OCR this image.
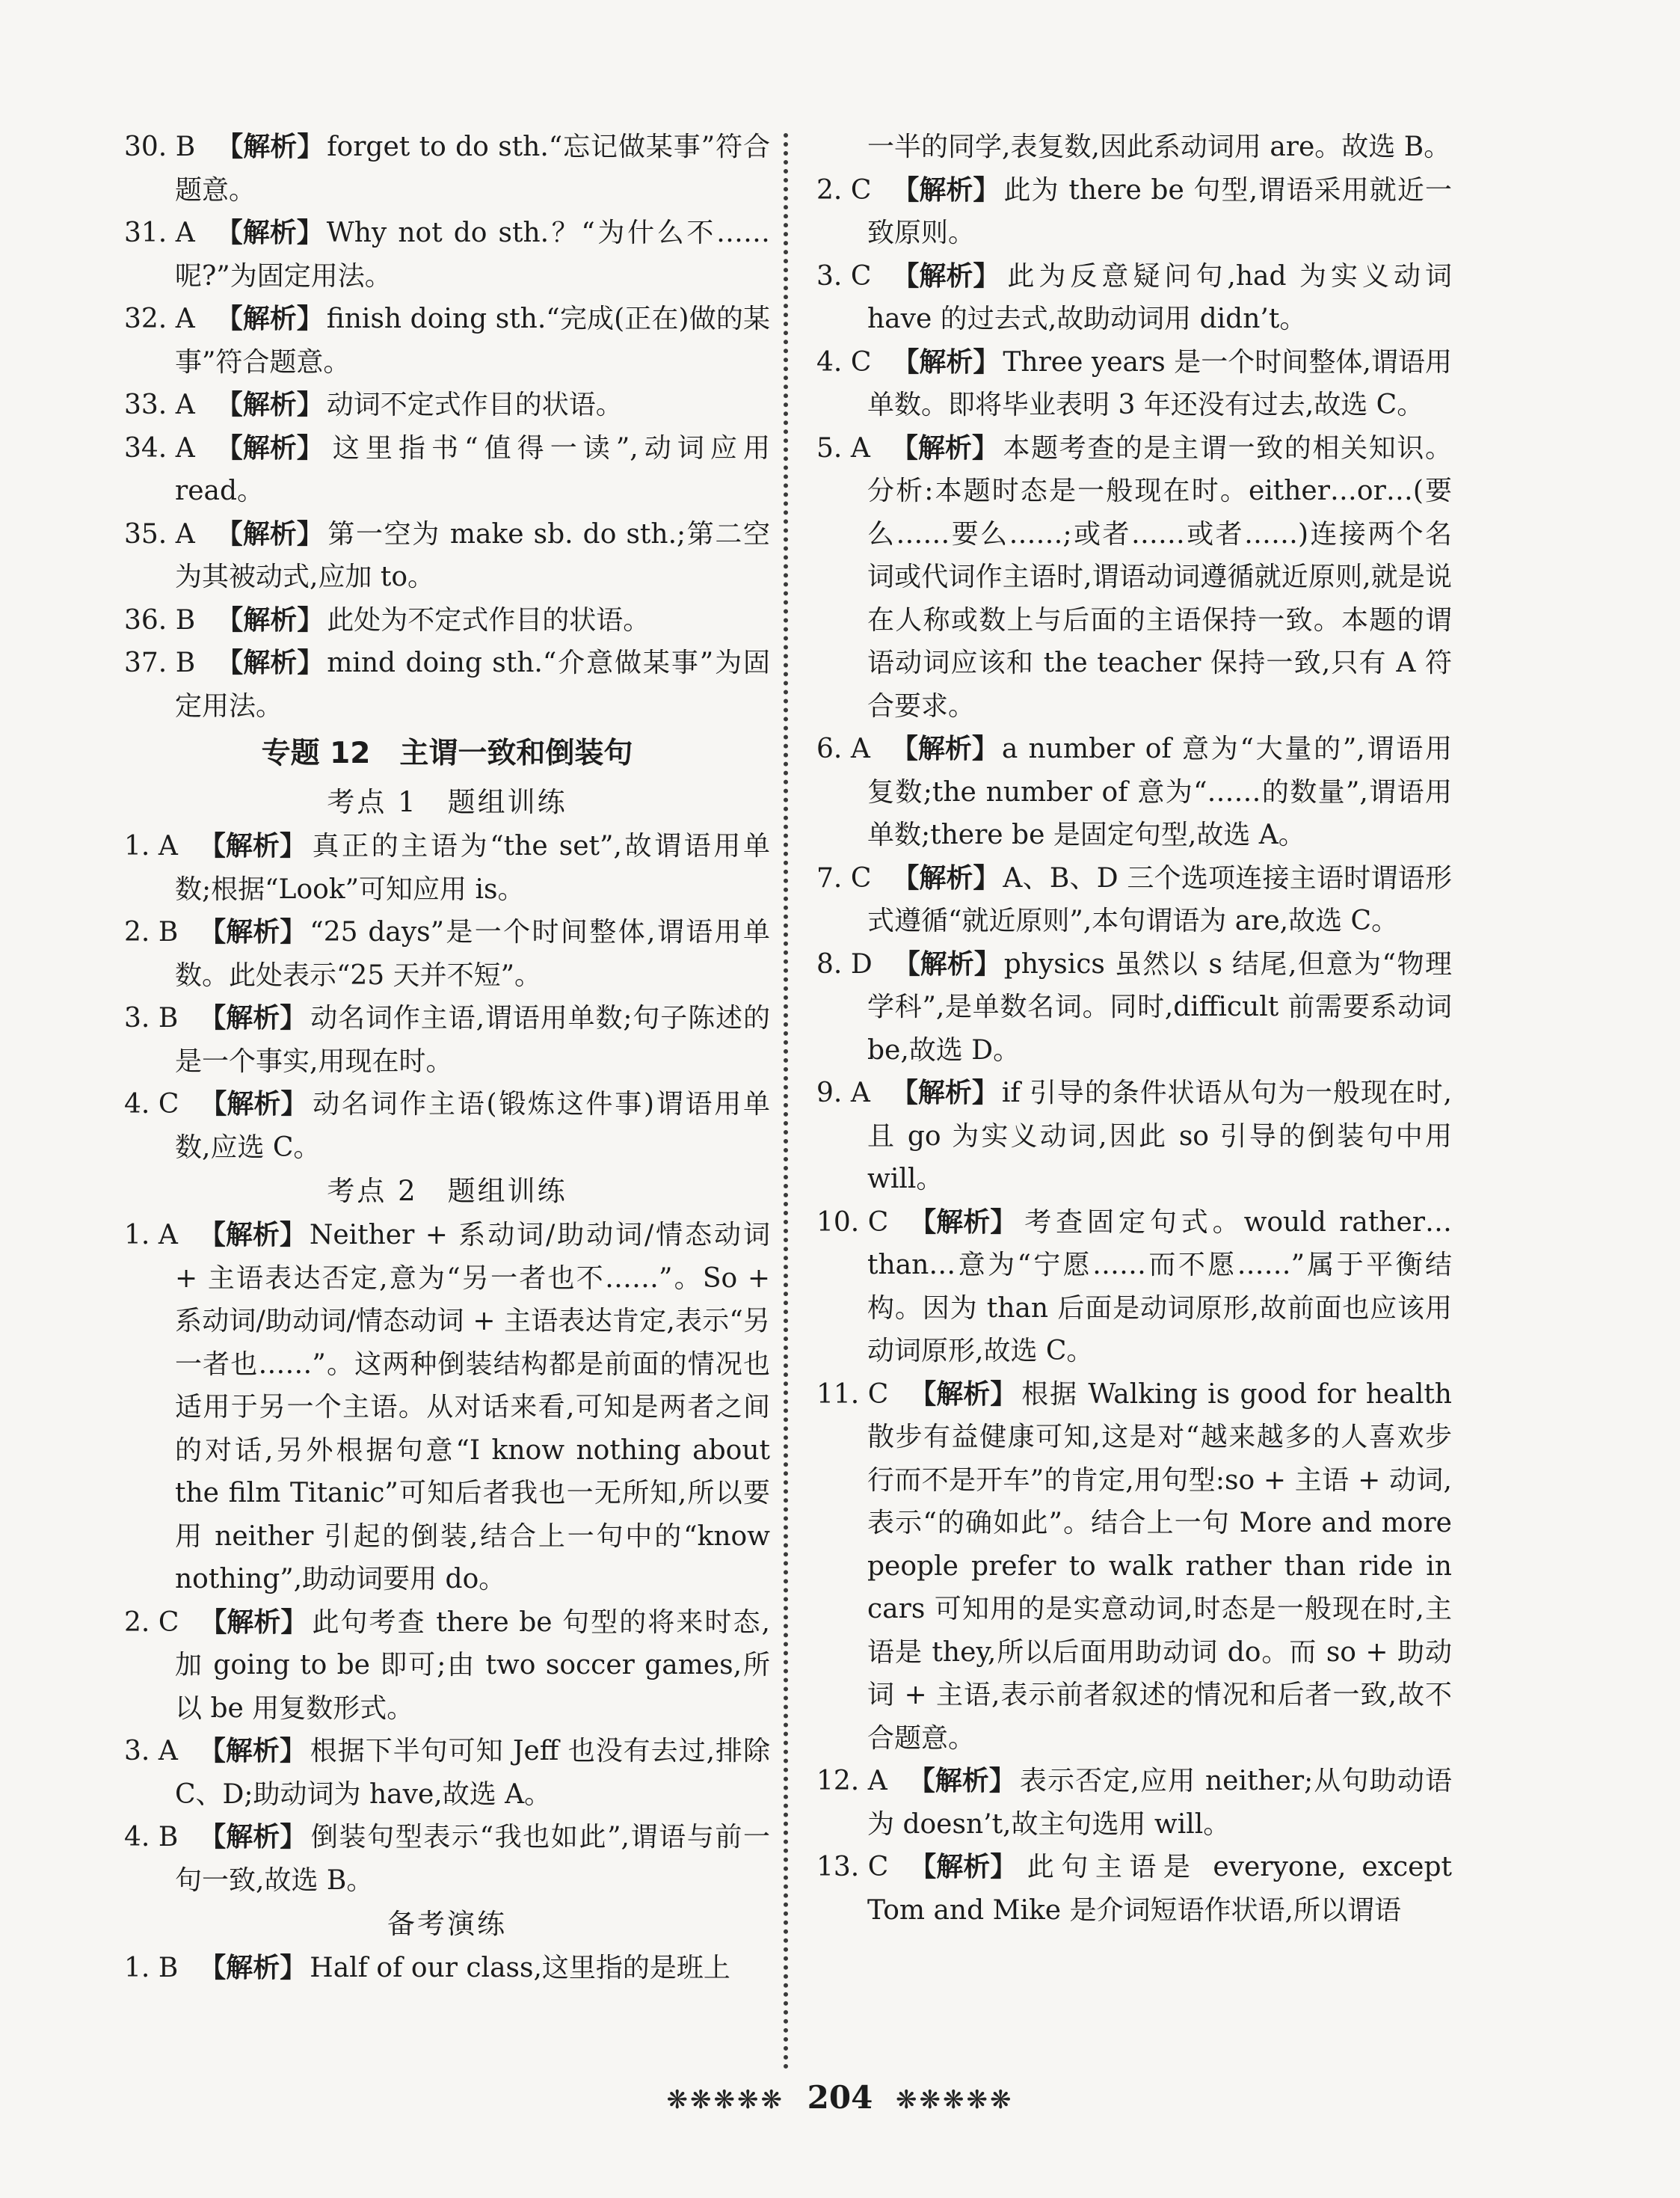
30. B 【解析】 forget to do sth.“忘记做某事”符合题意。
31. A 【解析】 Why not do sth.？“为什么不……呢?”为固定用法。
32. A 【解析】 finish doing sth.“完成(正在)做的某事”符合题意。
33. A 【解析】 动词不定式作目的状语。
34. A 【解析】 这里指书“值得一读”,动词应用 read。
35. A 【解析】 第一空为 make sb. do sth.;第二空为其被动式,应加 to。
36. B 【解析】 此处为不定式作目的状语。
37. B 【解析】 mind doing sth.“介意做某事”为固定用法。
专题 12　主谓一致和倒装句
考点 1　题组训练
1. A 【解析】 真正的主语为“the set”,故谓语用单数;根据“Look”可知应用 is。
2. B 【解析】 “25 days”是一个时间整体,谓语用单数。此处表示“25 天并不短”。
3. B 【解析】 动名词作主语,谓语用单数;句子陈述的是一个事实,用现在时。
4. C 【解析】 动名词作主语(锻炼这件事)谓语用单数,应选 C。
考点 2　题组训练
1. A 【解析】 Neither + 系动词/助动词/情态动词 + 主语表达否定,意为“另一者也不……”。So + 系动词/助动词/情态动词 + 主语表达肯定,表示“另一者也……”。这两种倒装结构都是前面的情况也适用于另一个主语。从对话来看,可知是两者之间的对话,另外根据句意“I know nothing about the film Titanic”可知后者我也一无所知,所以要用 neither 引起的倒装,结合上一句中的“know nothing”,助动词要用 do。
2. C 【解析】 此句考查 there be 句型的将来时态,加 going to be 即可;由 two soccer games,所以 be 用复数形式。
3. A 【解析】 根据下半句可知 Jeff 也没有去过,排除 C、D;助动词为 have,故选 A。
4. B 【解析】 倒装句型表示“我也如此”,谓语与前一句一致,故选 B。
备考演练
1. B 【解析】 Half of our class,这里指的是班上
一半的同学,表复数,因此系动词用 are。故选 B。
2. C 【解析】 此为 there be 句型,谓语采用就近一致原则。
3. C 【解析】 此为反意疑问句,had 为实义动词 have 的过去式,故助动词用 didn’t。
4. C 【解析】 Three years 是一个时间整体,谓语用单数。即将毕业表明 3 年还没有过去,故选 C。
5. A 【解析】 本题考查的是主谓一致的相关知识。分析:本题时态是一般现在时。either…or…(要么……要么……;或者……或者……)连接两个名词或代词作主语时,谓语动词遵循就近原则,就是说在人称或数上与后面的主语保持一致。本题的谓语动词应该和 the teacher 保持一致,只有 A 符合要求。
6. A 【解析】 a number of 意为“大量的”,谓语用复数;the number of 意为“……的数量”,谓语用单数;there be 是固定句型,故选 A。
7. C 【解析】 A、B、D 三个选项连接主语时谓语形式遵循“就近原则”,本句谓语为 are,故选 C。
8. D 【解析】 physics 虽然以 s 结尾,但意为“物理学科”,是单数名词。同时,difficult 前需要系动词 be,故选 D。
9. A 【解析】 if 引导的条件状语从句为一般现在时,且 go 为实义动词,因此 so 引导的倒装句中用 will。
10. C 【解析】 考查固定句式。would rather…than…意为“宁愿……而不愿……”属于平衡结构。因为 than 后面是动词原形,故前面也应该用动词原形,故选 C。
11. C 【解析】 根据 Walking is good for health 散步有益健康可知,这是对“越来越多的人喜欢步行而不是开车”的肯定,用句型:so + 主语 + 动词,表示“的确如此”。结合上一句 More and more people prefer to walk rather than ride in cars 可知用的是实意动词,时态是一般现在时,主语是 they,所以后面用助动词 do。而 so + 助动词 + 主语,表示前者叙述的情况和后者一致,故不合题意。
12. A 【解析】 表示否定,应用 neither;从句助动语为 doesn’t,故主句选用 will。
13. C 【解析】 此句主语是 everyone, except Tom and Mike 是介词短语作状语,所以谓语
❋❋❋❋❋ 204 ❋❋❋❋❋
